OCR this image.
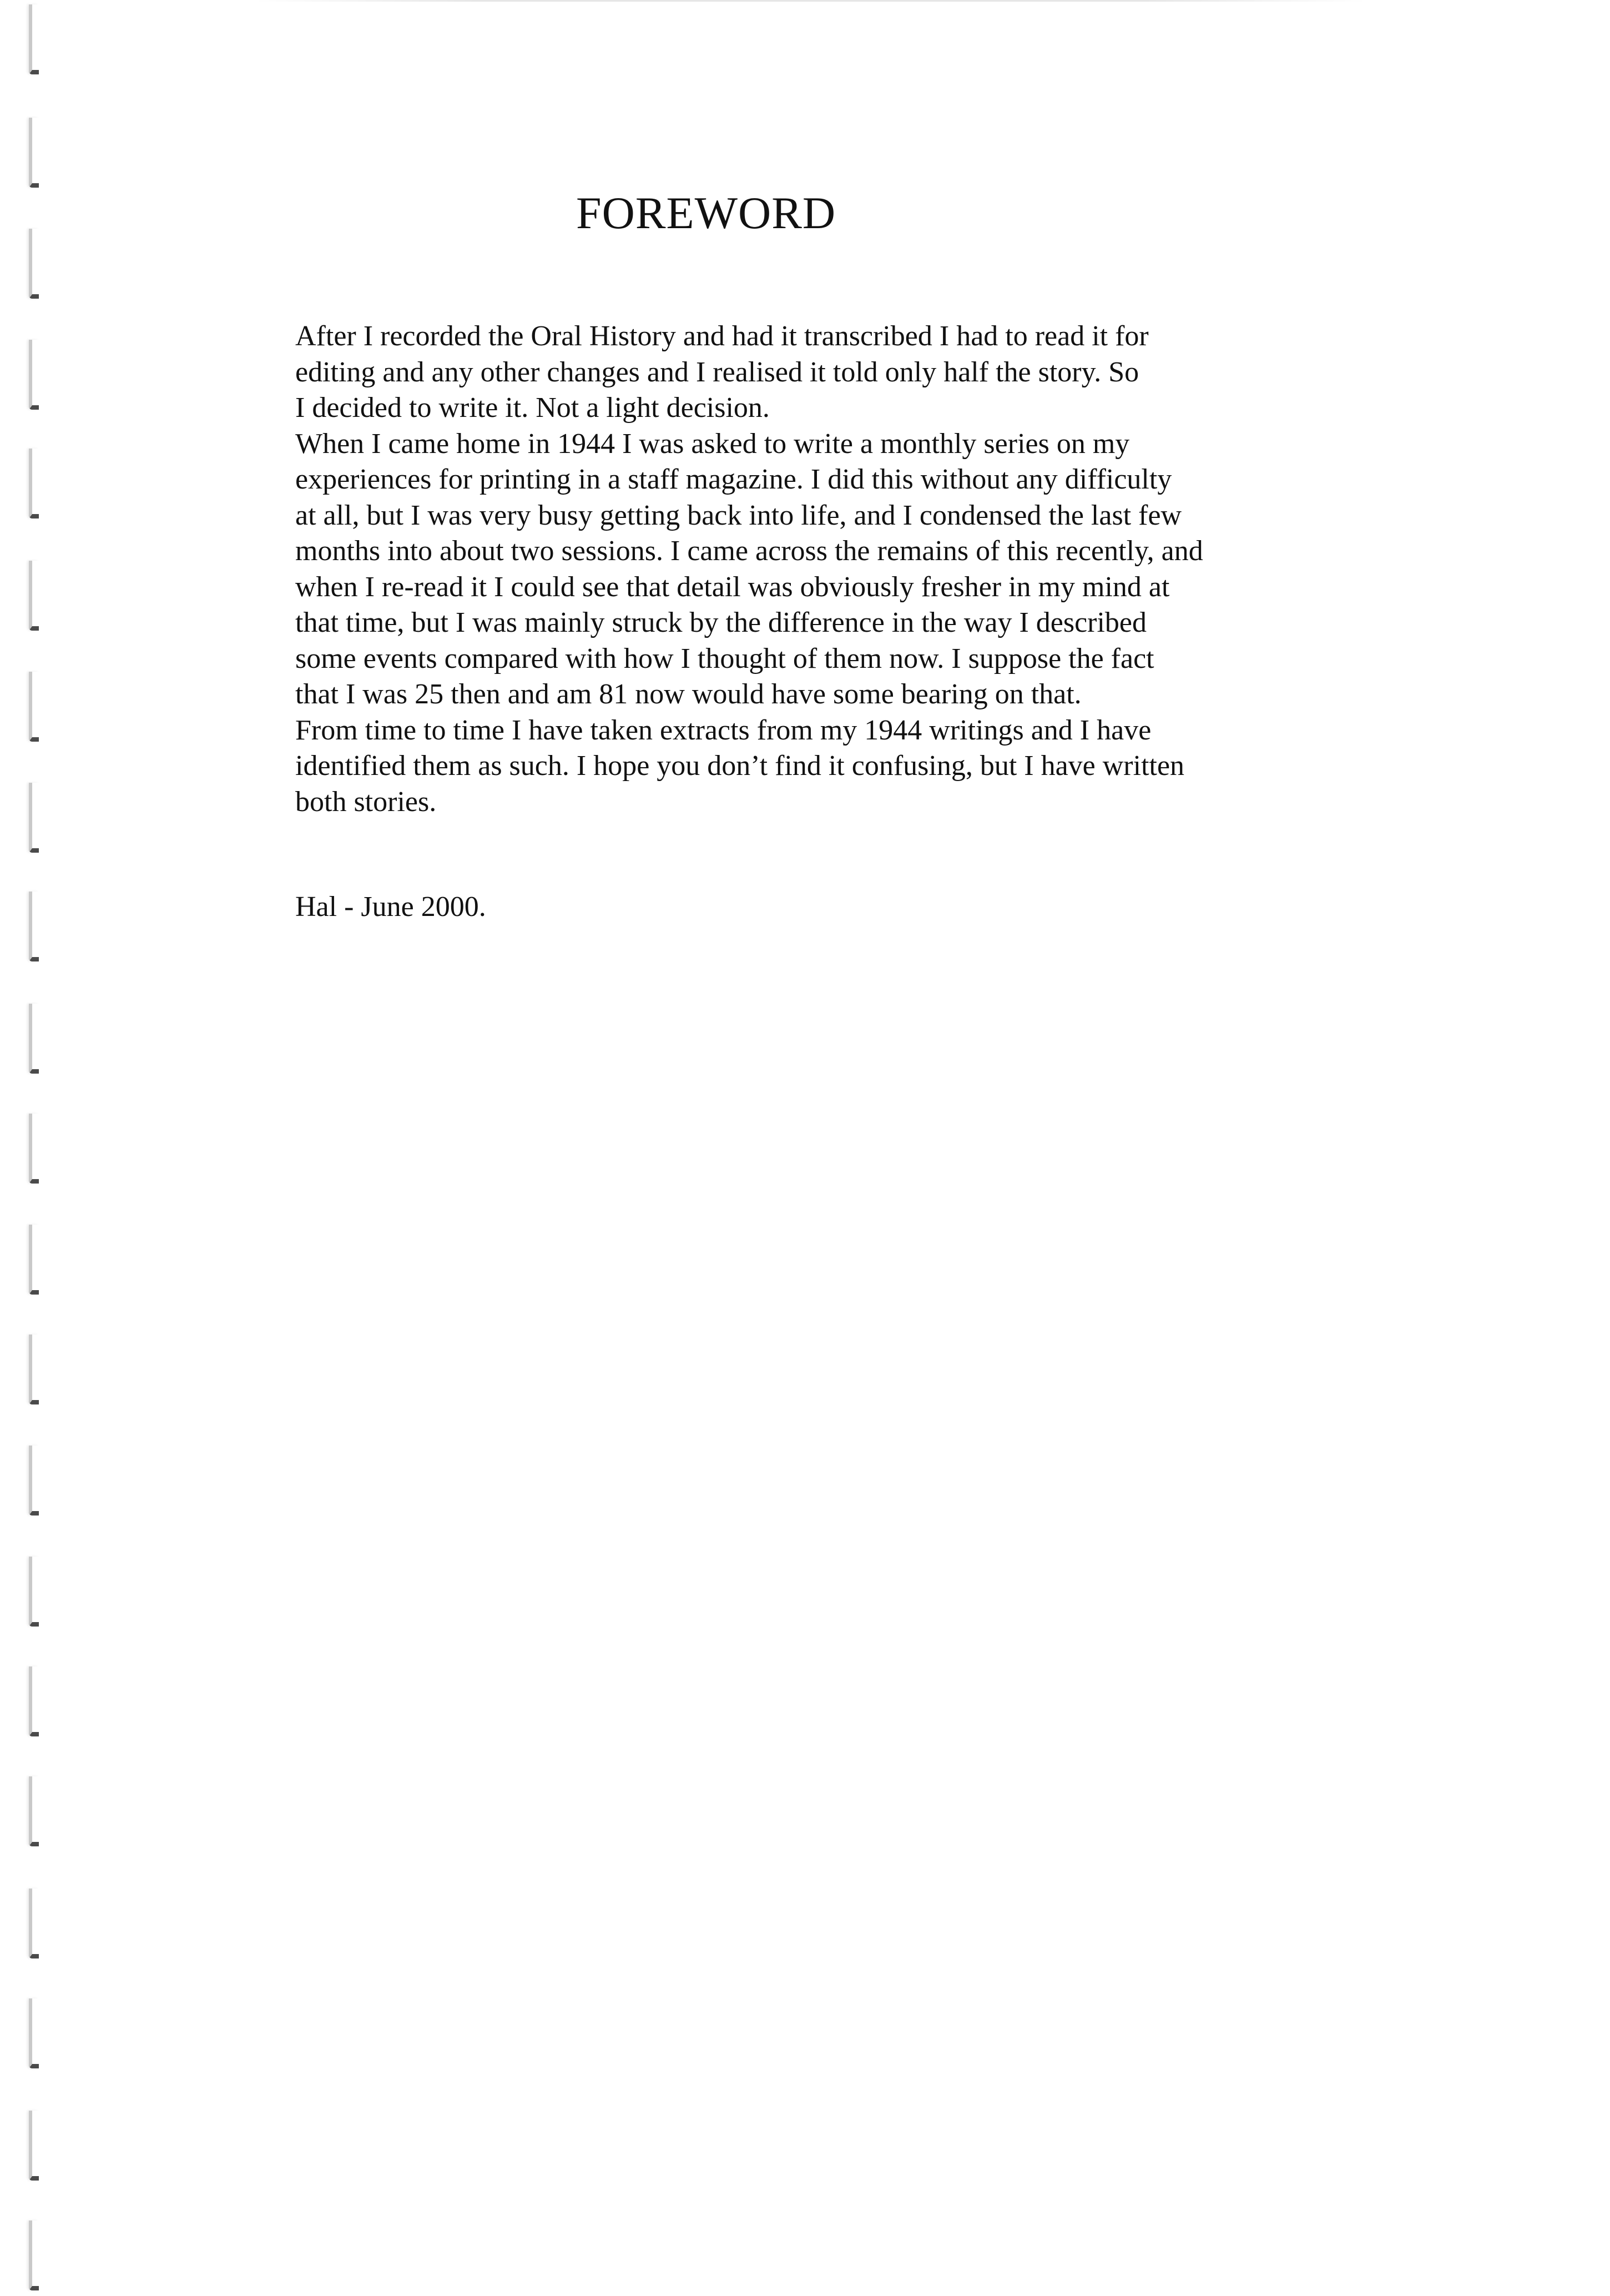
FOREWORD
After I recorded the Oral History and had it transcribed I had to read it for
editing and any other changes and I realised it told only half the story. So
I decided to write it. Not a light decision.
When I came home in 1944 I was asked to write a monthly series on my
experiences for printing in a staff magazine. I did this without any difficulty
at all, but I was very busy getting back into life, and I condensed the last few
months into about two sessions. I came across the remains of this recently, and
when I re-read it I could see that detail was obviously fresher in my mind at
that time, but I was mainly struck by the difference in the way I described
some events compared with how I thought of them now. I suppose the fact
that I was 25 then and am 81 now would have some bearing on that.
From time to time I have taken extracts from my 1944 writings and I have
identified them as such. I hope you don’t find it confusing, but I have written
both stories.
Hal - June 2000.
